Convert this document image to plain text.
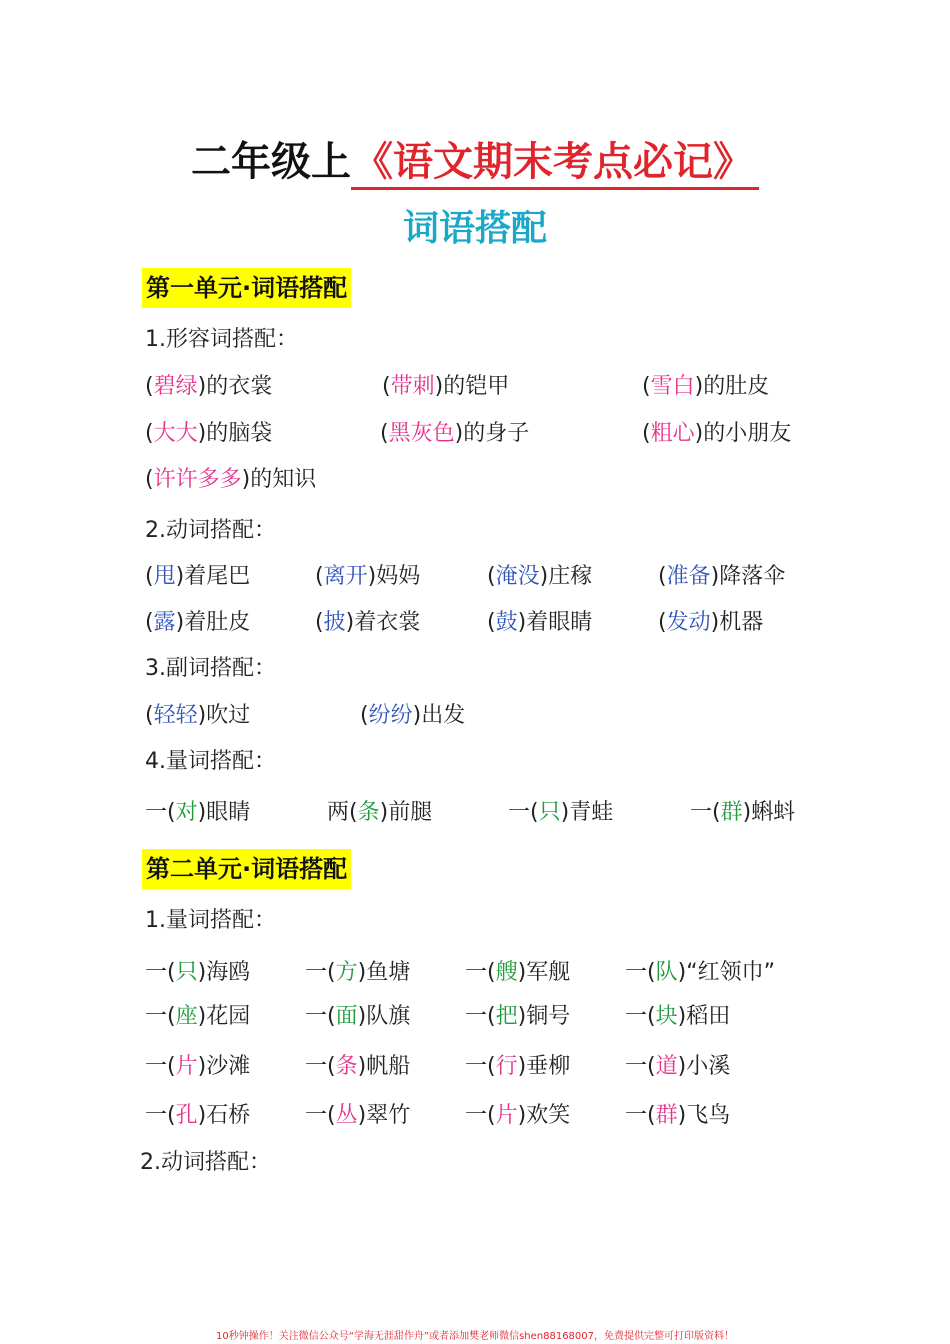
二年级上《语文期末考点必记》
词语搭配
第一单元·词语搭配
1.形容词搭配：
(碧绿)的衣裳	(带刺)的铠甲	(雪白)的肚皮
(大大)的脑袋	(黑灰色)的身子	(粗心)的小朋友
(许许多多)的知识
2.动词搭配：
(甩)着尾巴	(离开)妈妈	(淹没)庄稼	(准备)降落伞
(露)着肚皮	(披)着衣裳	(鼓)着眼睛	(发动)机器
3.副词搭配：
(轻轻)吹过	(纷纷)出发
4.量词搭配：
一(对)眼睛	两(条)前腿	一(只)青蛙	一(群)蝌蚪
第二单元·词语搭配
1.量词搭配：
一(只)海鸥 一(方)鱼塘 一(艘)军舰 一(队)“红领巾”
一(座)花园 一(面)队旗 一(把)铜号 一(块)稻田
一(片)沙滩 一(条)帆船 一(行)垂柳 一(道)小溪
一(孔)石桥 一(丛)翠竹 一(片)欢笑 一(群)飞鸟
2.动词搭配：
10秒钟操作！关注微信公众号“学海无涯甜作舟”或者添加樊老师微信shen88168007，免费提供完整可打印版资料！
